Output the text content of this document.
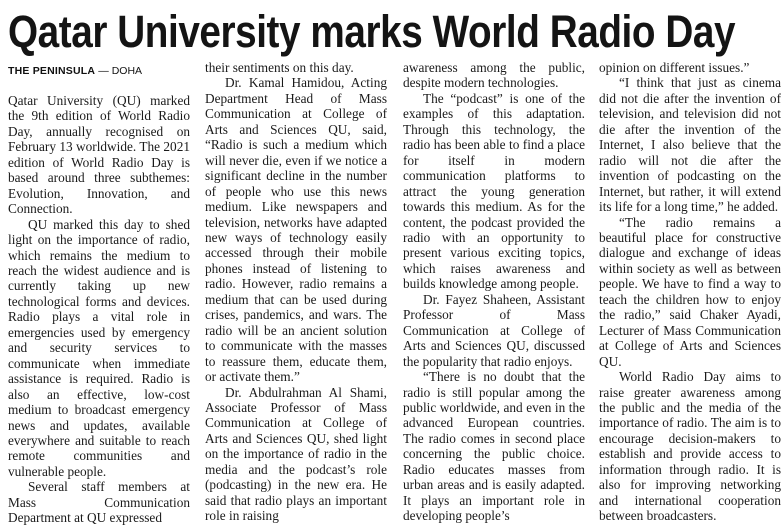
Qatar University marks World Radio Day
THE PENINSULA — DOHA

Qatar University (QU) marked the 9th edition of World Radio Day, annually recognised on February 13 worldwide. The 2021 edition of World Radio Day is based around three subthemes: Evolution, Innovation, and Connection.

QU marked this day to shed light on the importance of radio, which remains the medium to reach the widest audience and is currently taking up new technological forms and devices. Radio plays a vital role in emergencies used by emergency and security services to communicate when immediate assistance is required. Radio is also an effective, low-cost medium to broadcast emergency news and updates, available everywhere and suitable to reach remote communities and vulnerable people.

Several staff members at Mass Communication Department at QU expressed

their sentiments on this day.

Dr. Kamal Hamidou, Acting Department Head of Mass Communication at College of Arts and Sciences QU, said, “Radio is such a medium which will never die, even if we notice a significant decline in the number of people who use this news medium. Like newspapers and television, networks have adapted new ways of technology easily accessed through their mobile phones instead of listening to radio. However, radio remains a medium that can be used during crises, pandemics, and wars. The radio will be an ancient solution to communicate with the masses to reassure them, educate them, or activate them.”

Dr. Abdulrahman Al Shami, Associate Professor of Mass Communication at College of Arts and Sciences QU, shed light on the importance of radio in the media and the podcast’s role (podcasting) in the new era. He said that radio plays an important role in raising

awareness among the public, despite modern technologies.

The “podcast” is one of the examples of this adaptation. Through this technology, the radio has been able to find a place for itself in modern communication platforms to attract the young generation towards this medium. As for the content, the podcast provided the radio with an opportunity to present various exciting topics, which raises awareness and builds knowledge among people.

Dr. Fayez Shaheen, Assistant Professor of Mass Communication at College of Arts and Sciences QU, discussed the popularity that radio enjoys.

“There is no doubt that the radio is still popular among the public worldwide, and even in the advanced European countries. The radio comes in second place concerning the public choice. Radio educates masses from urban areas and is easily adapted. It plays an important role in developing people’s

opinion on different issues.”

“I think that just as cinema did not die after the invention of television, and television did not die after the invention of the Internet, I also believe that the radio will not die after the invention of podcasting on the Internet, but rather, it will extend its life for a long time,” he added.

“The radio remains a beautiful place for constructive dialogue and exchange of ideas within society as well as between people. We have to find a way to teach the children how to enjoy the radio,” said Chaker Ayadi, Lecturer of Mass Communication at College of Arts and Sciences QU.

World Radio Day aims to raise greater awareness among the public and the media of the importance of radio. The aim is to encourage decision-makers to establish and provide access to information through radio. It is also for improving networking and international cooperation between broadcasters.
